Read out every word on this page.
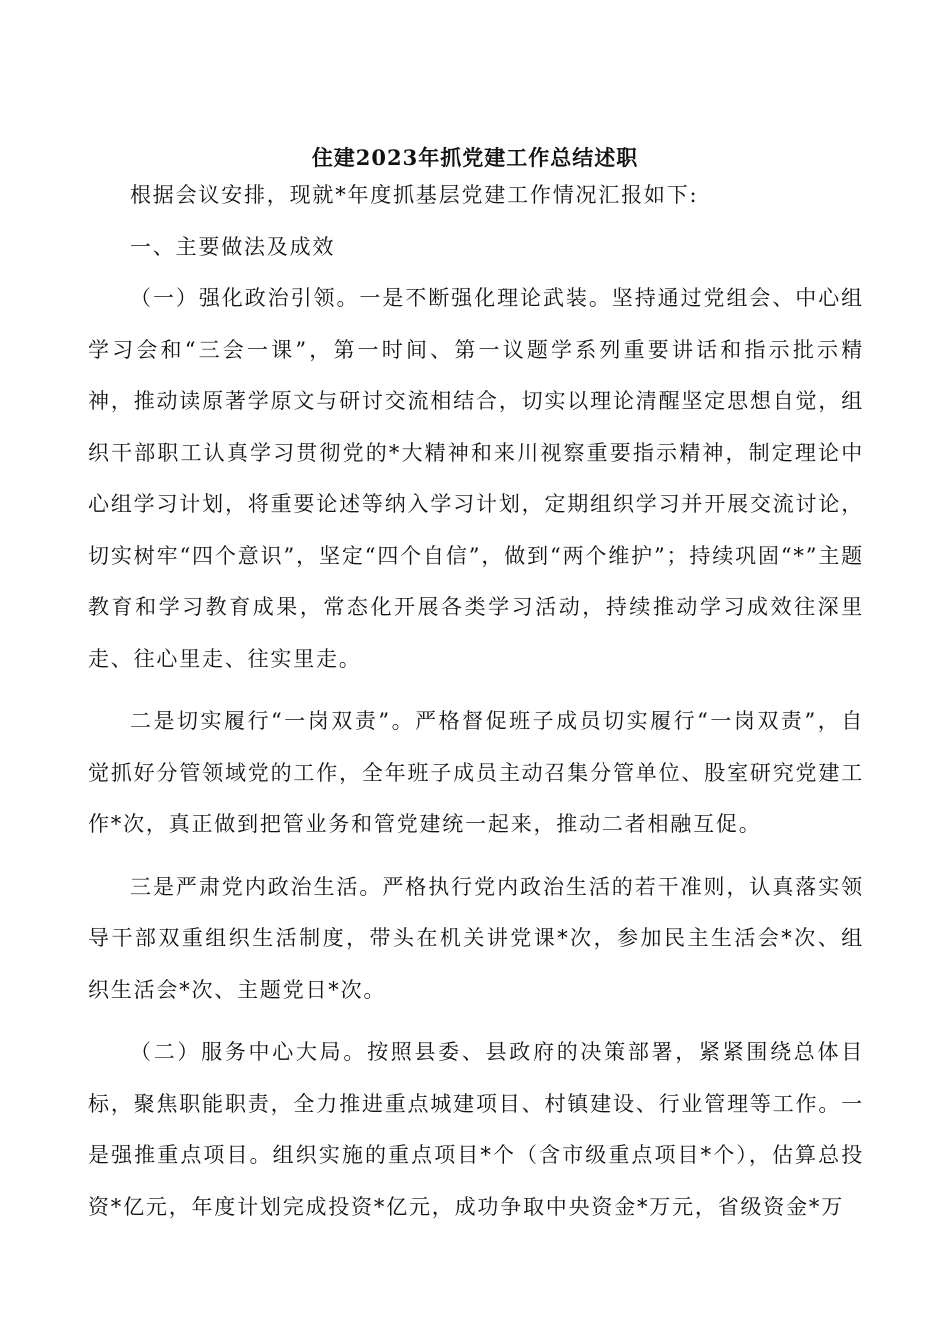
住建2023年抓党建工作总结述职

根据会议安排，现就*年度抓基层党建工作情况汇报如下:

一、主要做法及成效

（一）强化政治引领。一是不断强化理论武装。坚持通过党组会、中心组学习会和“三会一课”，第一时间、第一议题学系列重要讲话和指示批示精神，推动读原著学原文与研讨交流相结合，切实以理论清醒坚定思想自觉，组织干部职工认真学习贯彻党的*大精神和来川视察重要指示精神，制定理论中心组学习计划，将重要论述等纳入学习计划，定期组织学习并开展交流讨论，切实树牢“四个意识”，坚定“四个自信”，做到“两个维护”；持续巩固“*”主题教育和学习教育成果，常态化开展各类学习活动，持续推动学习成效往深里走、往心里走、往实里走。

二是切实履行“一岗双责”。严格督促班子成员切实履行“一岗双责”，自觉抓好分管领域党的工作，全年班子成员主动召集分管单位、股室研究党建工作*次，真正做到把管业务和管党建统一起来，推动二者相融互促。

三是严肃党内政治生活。严格执行党内政治生活的若干准则，认真落实领导干部双重组织生活制度，带头在机关讲党课*次，参加民主生活会*次、组织生活会*次、主题党日*次。

（二）服务中心大局。按照县委、县政府的决策部署，紧紧围绕总体目标，聚焦职能职责，全力推进重点城建项目、村镇建设、行业管理等工作。一是强推重点项目。组织实施的重点项目*个（含市级重点项目*个），估算总投资*亿元，年度计划完成投资*亿元，成功争取中央资金*万元，省级资金*万
